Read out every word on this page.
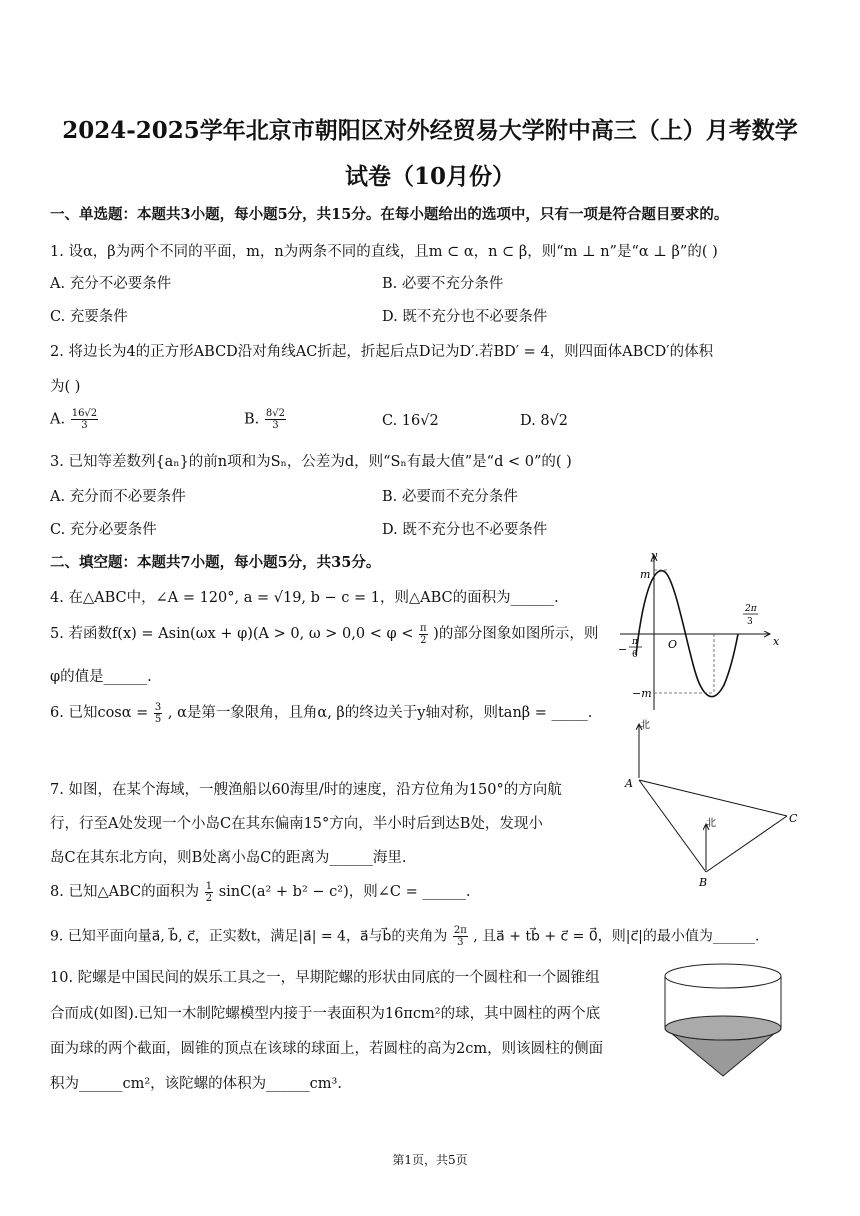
2024-2025学年北京市朝阳区对外经贸易大学附中高三（上）月考数学
试卷（10月份）
一、单选题：本题共3小题，每小题5分，共15分。在每小题给出的选项中，只有一项是符合题目要求的。
1. 设α，β为两个不同的平面，m，n为两条不同的直线，且m ⊂ α，n ⊂ β，则“m ⊥ n”是“α ⊥ β”的( )
A. 充分不必要条件	B. 必要不充分条件
C. 充要条件	D. 既不充分也不必要条件
2. 将边长为4的正方形ABCD沿对角线AC折起，折起后点D记为D′.若BD′ = 4，则四面体ABCD′的体积
为( )
A. $\frac{16√2}{3}$	B. $\frac{8√2}{3}$	C. 16√2	D. 8√2
3. 已知等差数列{aₙ}的前n项和为Sₙ，公差为d，则“Sₙ有最大值”是“d < 0”的( )
A. 充分而不必要条件	B. 必要而不充分条件
C. 充分必要条件	D. 既不充分也不必要条件
二、填空题：本题共7小题，每小题5分，共35分。
4. 在△ABC中，∠A = 120°, a = √19, b − c = 1，则△ABC的面积为______.
5. 若函数f(x) = Asin(ωx + φ)(A > 0, $\omega > 0,0 < \varphi < \frac{\pi}{2}$ )的部分图象如图所示，则
φ的值是______.
6. 已知$\cos\alpha = \frac{3}{5}$ , α是第一象限角，且角α, β的终边关于y轴对称，则tanβ = _____.
7. 如图，在某个海域，一艘渔船以60海里/时的速度，沿方位角为150°的方向航
行，行至A处发现一个小岛C在其东偏南15°方向，半小时后到达B处，发现小
岛C在其东北方向，则B处离小岛C的距离为______海里.
8. 已知△ABC的面积为 $\frac{1}{2} \sin C(a^2 + b^2 - c^2)$，则∠C = ______.
9. 已知平面向量a⃗, b⃗, c⃗，正实数t，满足|a⃗| = 4，a⃗与b⃗的夹角为 $\frac{2\pi}{3}$ , 且a⃗ + tb⃗ + c⃗ = 0⃗，则|c⃗|的最小值为______.
10. 陀螺是中国民间的娱乐工具之一，早期陀螺的形状由同底的一个圆柱和一个圆锥组
合而成(如图).已知一木制陀螺模型内接于一表面积为16πcm²的球，其中圆柱的两个底
面为球的两个截面，圆锥的顶点在该球的球面上，若圆柱的高为2cm，则该圆柱的侧面
积为______cm²，该陀螺的体积为______cm³.
y
x
m
−m
O
−
π
6
2π
3
北
北
A
B
C
第1页，共5页
